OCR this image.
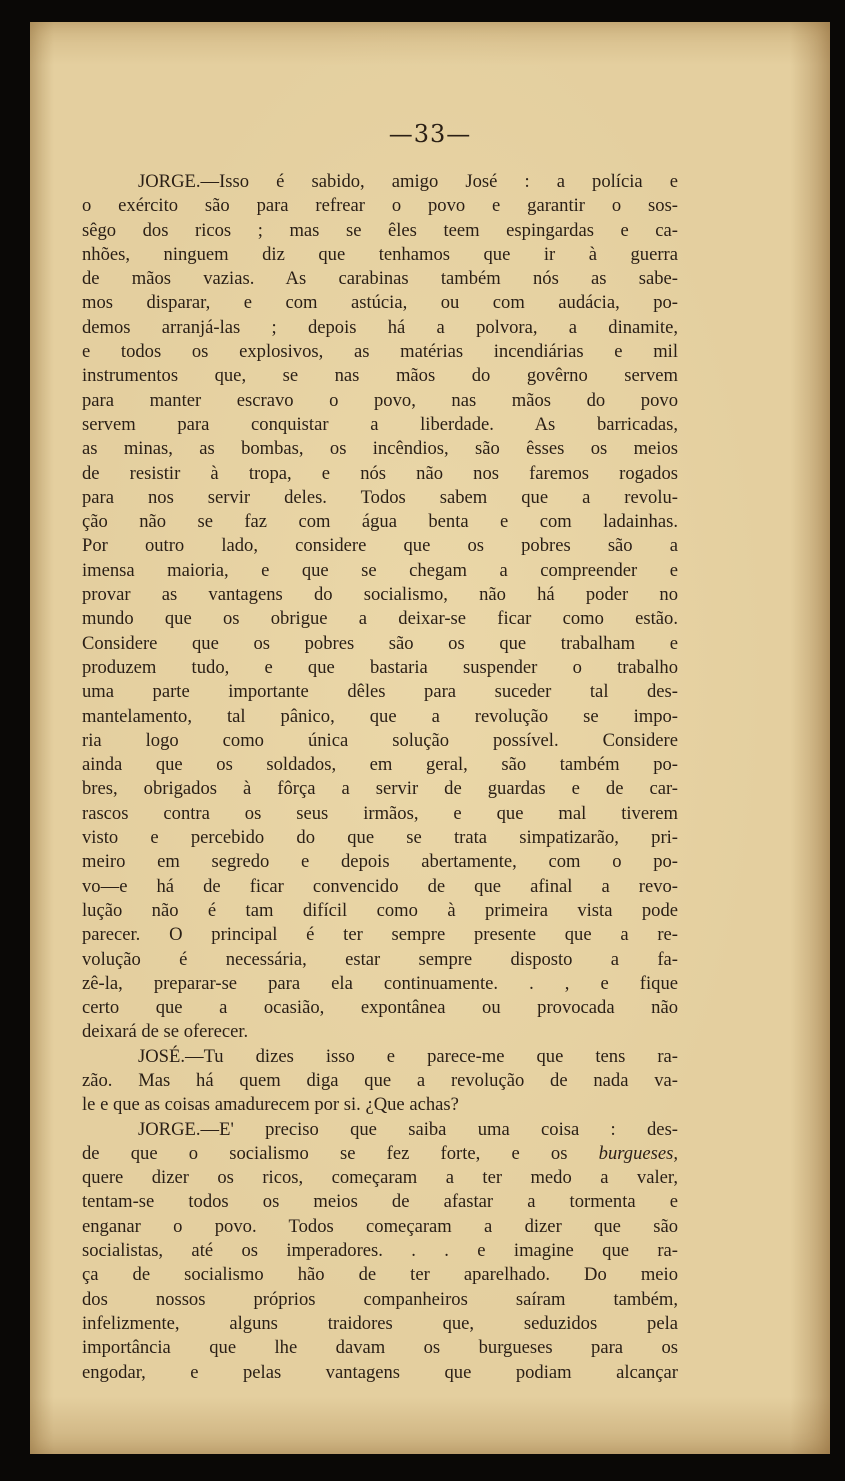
—33—
JORGE.—Isso é sabido, amigo José : a polícia e
o exército são para refrear o povo e garantir o sos-
sêgo dos ricos ; mas se êles teem espingardas e ca-
nhões, ninguem diz que tenhamos que ir à guerra
de mãos vazias. As carabinas também nós as sabe-
mos disparar, e com astúcia, ou com audácia, po-
demos arranjá-las ; depois há a polvora, a dinamite,
e todos os explosivos, as matérias incendiárias e mil
instrumentos que, se nas mãos do govêrno servem
para manter escravo o povo, nas mãos do povo
servem para conquistar a liberdade. As barricadas,
as minas, as bombas, os incêndios, são êsses os meios
de resistir à tropa, e nós não nos faremos rogados
para nos servir deles. Todos sabem que a revolu-
ção não se faz com água benta e com ladainhas.
Por outro lado, considere que os pobres são a
imensa maioria, e que se chegam a compreender e
provar as vantagens do socialismo, não há poder no
mundo que os obrigue a deixar-se ficar como estão.
Considere que os pobres são os que trabalham e
produzem tudo, e que bastaria suspender o trabalho
uma parte importante dêles para suceder tal des-
mantelamento, tal pânico, que a revolução se impo-
ria logo como única solução possível. Considere
ainda que os soldados, em geral, são também po-
bres, obrigados à fôrça a servir de guardas e de car-
rascos contra os seus irmãos, e que mal tiverem
visto e percebido do que se trata simpatizarão, pri-
meiro em segredo e depois abertamente, com o po-
vo—e há de ficar convencido de que afinal a revo-
lução não é tam difícil como à primeira vista pode
parecer. O principal é ter sempre presente que a re-
volução é necessária, estar sempre disposto a fa-
zê-la, preparar-se para ela continuamente. . , e fique
certo que a ocasião, expontânea ou provocada não
deixará de se oferecer.
JOSÉ.—Tu dizes isso e parece-me que tens ra-
zão. Mas há quem diga que a revolução de nada va-
le e que as coisas amadurecem por si. ¿Que achas?
JORGE.—E' preciso que saiba uma coisa : des-
de que o socialismo se fez forte, e os burgueses,
quere dizer os ricos, começaram a ter medo a valer,
tentam-se todos os meios de afastar a tormenta e
enganar o povo. Todos começaram a dizer que são
socialistas, até os imperadores. . . e imagine que ra-
ça de socialismo hão de ter aparelhado. Do meio
dos nossos próprios companheiros saíram também,
infelizmente, alguns traidores que, seduzidos pela
importância que lhe davam os burgueses para os
engodar, e pelas vantagens que podiam alcançar
